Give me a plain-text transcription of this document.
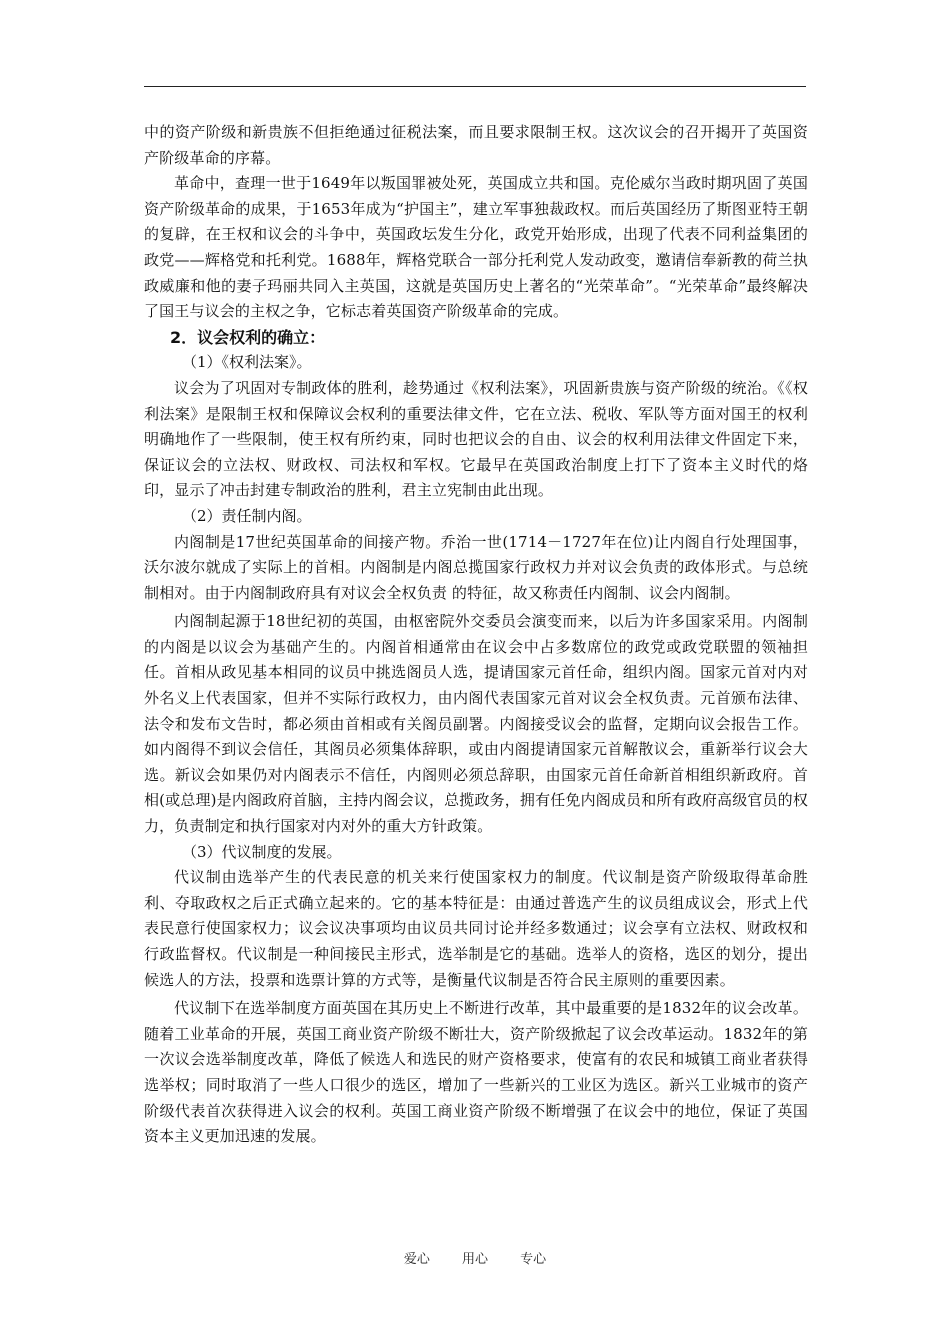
中的资产阶级和新贵族不但拒绝通过征税法案，而且要求限制王权。这次议会的召开揭开了英国资产阶级革命的序幕。

革命中，查理一世于1649年以叛国罪被处死，英国成立共和国。克伦威尔当政时期巩固了英国资产阶级革命的成果，于1653年成为“护国主”，建立军事独裁政权。而后英国经历了斯图亚特王朝的复辟，在王权和议会的斗争中，英国政坛发生分化，政党开始形成，出现了代表不同利益集团的政党——辉格党和托利党。1688年，辉格党联合一部分托利党人发动政变，邀请信奉新教的荷兰执政威廉和他的妻子玛丽共同入主英国，这就是英国历史上著名的“光荣革命”。“光荣革命”最终解决了国王与议会的主权之争，它标志着英国资产阶级革命的完成。

2．议会权利的确立：

（1）《权利法案》。

议会为了巩固对专制政体的胜利，趁势通过《权利法案》，巩固新贵族与资产阶级的统治。《《权利法案》是限制王权和保障议会权利的重要法律文件，它在立法、税收、军队等方面对国王的权利明确地作了一些限制，使王权有所约束，同时也把议会的自由、议会的权利用法律文件固定下来，保证议会的立法权、财政权、司法权和军权。它最早在英国政治制度上打下了资本主义时代的烙印，显示了冲击封建专制政治的胜利，君主立宪制由此出现。

（2）责任制内阁。

内阁制是17世纪英国革命的间接产物。乔治一世(1714－1727年在位)让内阁自行处理国事，沃尔波尔就成了实际上的首相。内阁制是内阁总揽国家行政权力并对议会负责的政体形式。与总统制相对。由于内阁制政府具有对议会全权负责 的特征，故又称责任内阁制、议会内阁制。

内阁制起源于18世纪初的英国，由枢密院外交委员会演变而来，以后为许多国家采用。内阁制的内阁是以议会为基础产生的。内阁首相通常由在议会中占多数席位的政党或政党联盟的领袖担任。首相从政见基本相同的议员中挑选阁员人选，提请国家元首任命，组织内阁。国家元首对内对外名义上代表国家，但并不实际行政权力，由内阁代表国家元首对议会全权负责。元首颁布法律、法令和发布文告时，都必须由首相或有关阁员副署。内阁接受议会的监督，定期向议会报告工作。如内阁得不到议会信任，其阁员必须集体辞职，或由内阁提请国家元首解散议会，重新举行议会大选。新议会如果仍对内阁表示不信任，内阁则必须总辞职，由国家元首任命新首相组织新政府。首相(或总理)是内阁政府首脑，主持内阁会议，总揽政务，拥有任免内阁成员和所有政府高级官员的权力，负责制定和执行国家对内对外的重大方针政策。

（3）代议制度的发展。

代议制由选举产生的代表民意的机关来行使国家权力的制度。代议制是资产阶级取得革命胜利、夺取政权之后正式确立起来的。它的基本特征是：由通过普选产生的议员组成议会，形式上代表民意行使国家权力；议会议决事项均由议员共同讨论并经多数通过；议会享有立法权、财政权和行政监督权。代议制是一种间接民主形式，选举制是它的基础。选举人的资格，选区的划分，提出候选人的方法，投票和选票计算的方式等，是衡量代议制是否符合民主原则的重要因素。

代议制下在选举制度方面英国在其历史上不断进行改革，其中最重要的是1832年的议会改革。随着工业革命的开展，英国工商业资产阶级不断壮大，资产阶级掀起了议会改革运动。1832年的第一次议会选举制度改革，降低了候选人和选民的财产资格要求，使富有的农民和城镇工商业者获得选举权；同时取消了一些人口很少的选区，增加了一些新兴的工业区为选区。新兴工业城市的资产阶级代表首次获得进入议会的权利。英国工商业资产阶级不断增强了在议会中的地位，保证了英国资本主义更加迅速的发展。

爱心 用心 专心
